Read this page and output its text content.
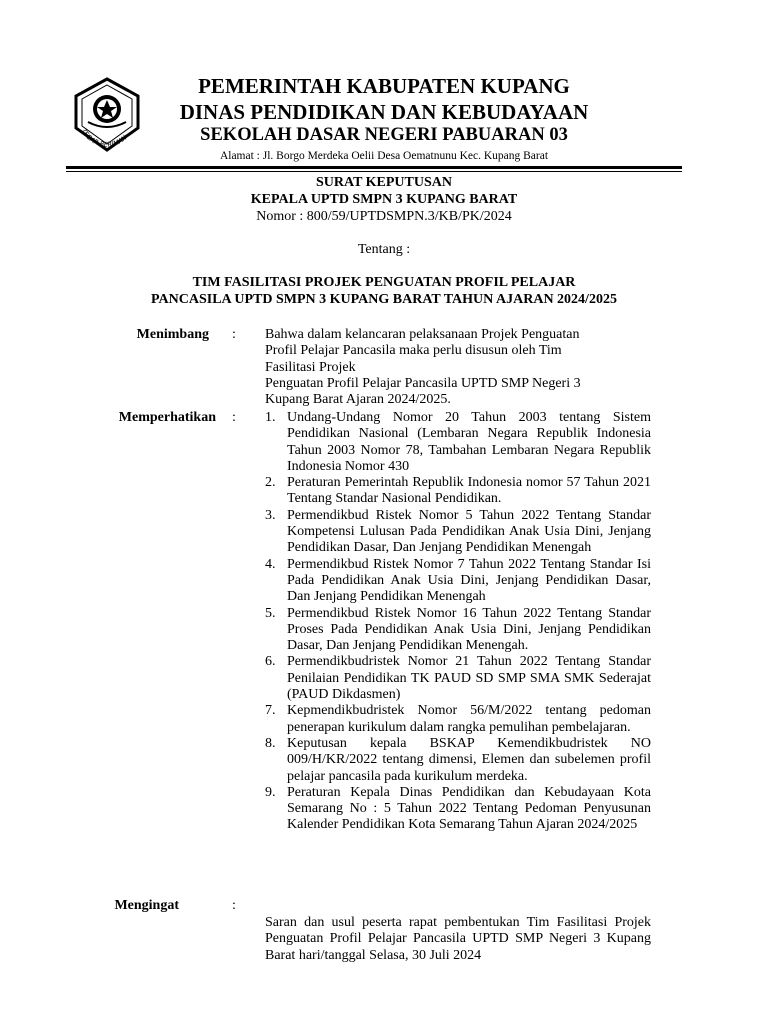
TEGAR BERIMAN
PEMERINTAH KABUPATEN KUPANG
DINAS PENDIDIKAN DAN KEBUDAYAAN
SEKOLAH DASAR NEGERI PABUARAN 03
Alamat : Jl. Borgo Merdeka Oelii Desa Oematnunu Kec. Kupang Barat
SURAT KEPUTUSAN
KEPALA UPTD SMPN 3 KUPANG BARAT
Nomor : 800/59/UPTDSMPN.3/KB/PK/2024
Tentang :
TIM FASILITASI PROJEK PENGUATAN PROFIL PELAJAR
PANCASILA UPTD SMPN 3 KUPANG BARAT TAHUN AJARAN 2024/2025
Menimbang : Bahwa dalam kelancaran pelaksanaan Projek Penguatan
Profil Pelajar Pancasila maka perlu disusun oleh Tim
Fasilitasi Projek
Penguatan Profil Pelajar Pancasila UPTD SMP Negeri 3
Kupang Barat Ajaran 2024/2025.
Memperhatikan : 1. Undang-Undang Nomor 20 Tahun 2003 tentang Sistem Pendidikan Nasional (Lembaran Negara Republik Indonesia Tahun 2003 Nomor 78, Tambahan Lembaran Negara Republik Indonesia Nomor 430
2. Peraturan Pemerintah Republik Indonesia nomor 57 Tahun 2021 Tentang Standar Nasional Pendidikan.
3. Permendikbud Ristek Nomor 5 Tahun 2022 Tentang Standar Kompetensi Lulusan Pada Pendidikan Anak Usia Dini, Jenjang Pendidikan Dasar, Dan Jenjang Pendidikan Menengah
4. Permendikbud Ristek Nomor 7 Tahun 2022 Tentang Standar Isi Pada Pendidikan Anak Usia Dini, Jenjang Pendidikan Dasar, Dan Jenjang Pendidikan Menengah
5. Permendikbud Ristek Nomor 16 Tahun 2022 Tentang Standar Proses Pada Pendidikan Anak Usia Dini, Jenjang Pendidikan Dasar, Dan Jenjang Pendidikan Menengah.
6. Permendikbudristek Nomor 21 Tahun 2022 Tentang Standar Penilaian Pendidikan TK PAUD SD SMP SMA SMK Sederajat (PAUD Dikdasmen)
7. Kepmendikbudristek Nomor 56/M/2022 tentang pedoman penerapan kurikulum dalam rangka pemulihan pembelajaran.
8. Keputusan kepala BSKAP Kemendikbudristek NO 009/H/KR/2022 tentang dimensi, Elemen dan subelemen profil pelajar pancasila pada kurikulum merdeka.
9. Peraturan Kepala Dinas Pendidikan dan Kebudayaan Kota Semarang No : 5 Tahun 2022 Tentang Pedoman Penyusunan Kalender Pendidikan Kota Semarang Tahun Ajaran 2024/2025
Mengingat	:
Saran dan usul peserta rapat pembentukan Tim Fasilitasi Projek Penguatan Profil Pelajar Pancasila UPTD SMP Negeri 3 Kupang Barat hari/tanggal Selasa, 30 Juli 2024
